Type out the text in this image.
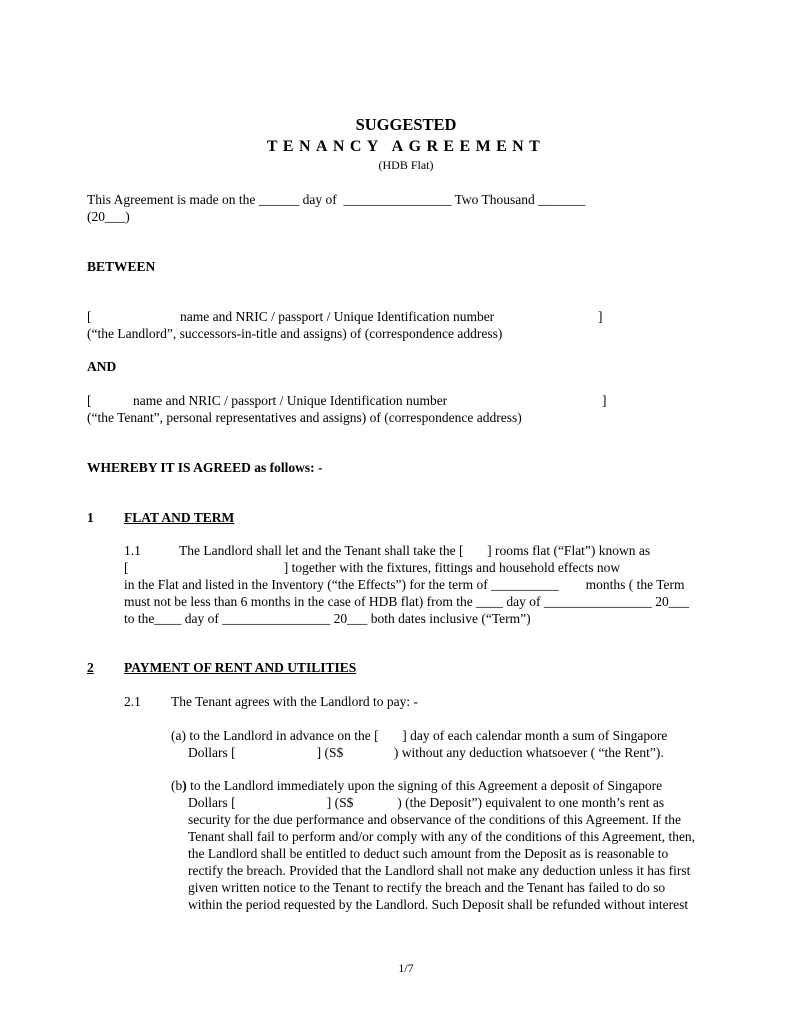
SUGGESTED
TENANCY AGREEMENT
(HDB Flat)
This Agreement is made on the ______ day of  ________________ Two Thousand _______
(20___)
BETWEEN
[	name and NRIC / passport / Unique Identification number	]
(“the Landlord”, successors-in-title and assigns) of (correspondence address)
AND
[	name and NRIC / passport / Unique Identification number	]
(“the Tenant”, personal representatives and assigns) of (correspondence address)
WHEREBY IT IS AGREED as follows: -
1 FLAT AND TERM
1.1	The Landlord shall let and the Tenant shall take the [       ] rooms flat (“Flat”) known as
[                                              ] together with the fixtures, fittings and household effects now
in the Flat and listed in the Inventory (“the Effects”) for the term of __________        months ( the Term
must not be less than 6 months in the case of HDB flat) from the ____ day of ________________ 20___
to the____ day of ________________ 20___ both dates inclusive (“Term”)
2 PAYMENT OF RENT AND UTILITIES
2.1 The Tenant agrees with the Landlord to pay: -
(a) to the Landlord in advance on the [       ] day of each calendar month a sum of Singapore
Dollars [                        ] (S$               ) without any deduction whatsoever ( “the Rent”).
(b) to the Landlord immediately upon the signing of this Agreement a deposit of Singapore
Dollars [                           ] (S$             ) (the Deposit”) equivalent to one month’s rent as
security for the due performance and observance of the conditions of this Agreement. If the
Tenant shall fail to perform and/or comply with any of the conditions of this Agreement, then,
the Landlord shall be entitled to deduct such amount from the Deposit as is reasonable to
rectify the breach. Provided that the Landlord shall not make any deduction unless it has first
given written notice to the Tenant to rectify the breach and the Tenant has failed to do so
within the period requested by the Landlord. Such Deposit shall be refunded without interest
1/7
